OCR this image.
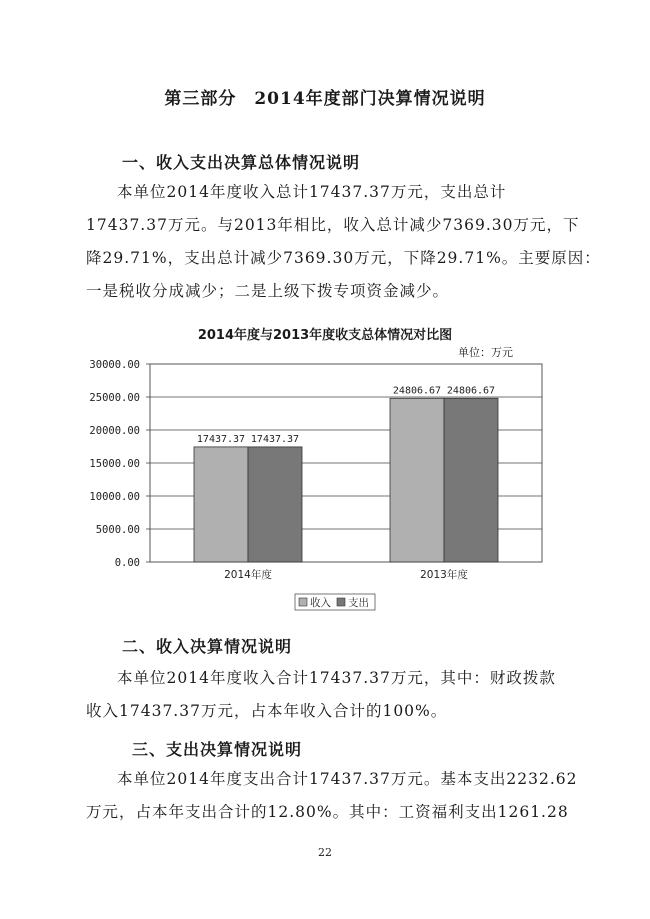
第三部分　2014年度部门决算情况说明
一、收入支出决算总体情况说明
本单位2014年度收入总计17437.37万元，支出总计
17437.37万元。与2013年相比，收入总计减少7369.30万元，下
降29.71%，支出总计减少7369.30万元，下降29.71%。主要原因：
一是税收分成减少；二是上级下拨专项资金减少。
2014年度与2013年度收支总体情况对比图
单位：万元
0.00
5000.00
10000.00
15000.00
20000.00
25000.00
30000.00
17437.37 17437.37
2014年度
24806.67 24806.67
2013年度
收入 支出
二、收入决算情况说明
本单位2014年度收入合计17437.37万元，其中：财政拨款
收入17437.37万元，占本年收入合计的100%。
三、支出决算情况说明
本单位2014年度支出合计17437.37万元。基本支出2232.62
万元，占本年支出合计的12.80%。其中：工资福利支出1261.28
22
